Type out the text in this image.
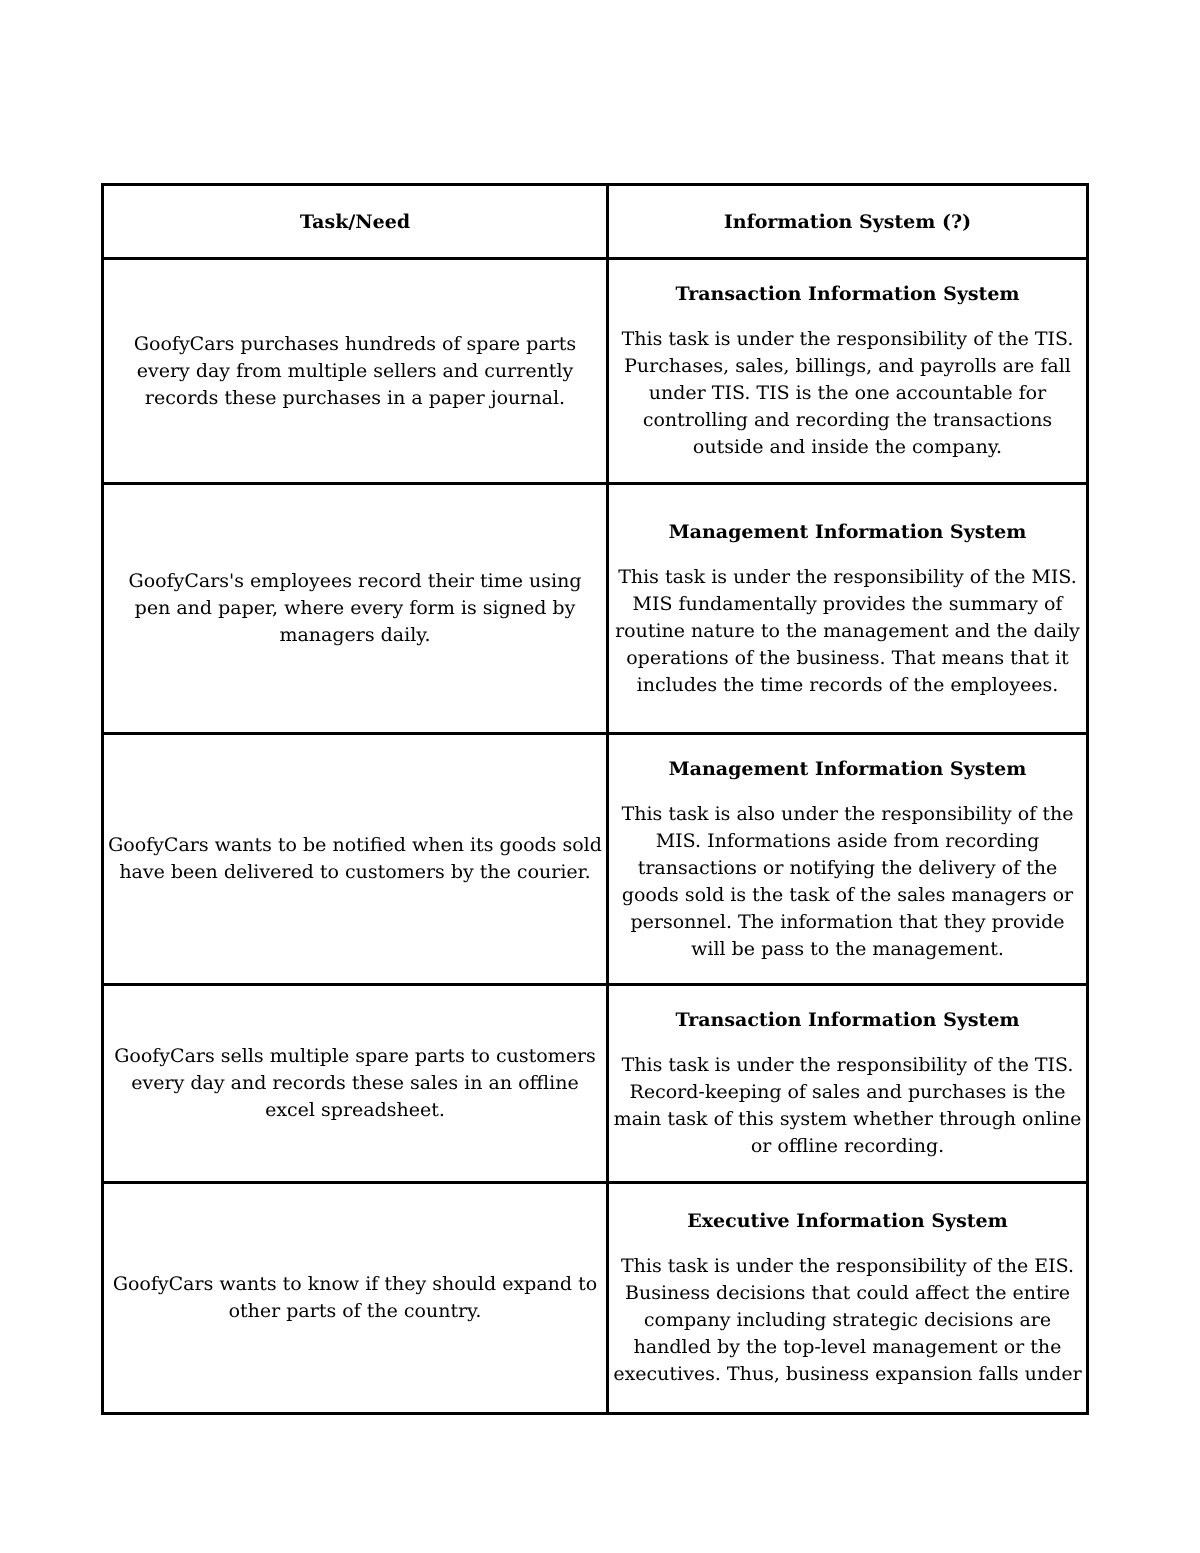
Task/Need	Information System (?)
GoofyCars purchases hundreds of spare parts every day from multiple sellers and currently records these purchases in a paper journal.	Transaction Information System
This task is under the responsibility of the TIS. Purchases, sales, billings, and payrolls are fall under TIS. TIS is the one accountable for controlling and recording the transactions outside and inside the company.

GoofyCars's employees record their time using pen and paper, where every form is signed by managers daily.	Management Information System
This task is under the responsibility of the MIS. MIS fundamentally provides the summary of routine nature to the management and the daily operations of the business. That means that it includes the time records of the employees.

GoofyCars wants to be notified when its goods sold have been delivered to customers by the courier.	Management Information System
This task is also under the responsibility of the MIS. Informations aside from recording transactions or notifying the delivery of the goods sold is the task of the sales managers or personnel. The information that they provide will be pass to the management.

GoofyCars sells multiple spare parts to customers every day and records these sales in an offline excel spreadsheet.	Transaction Information System
This task is under the responsibility of the TIS. Record-keeping of sales and purchases is the main task of this system whether through online or offline recording.

GoofyCars wants to know if they should expand to other parts of the country.	Executive Information System
This task is under the responsibility of the EIS. Business decisions that could affect the entire company including strategic decisions are handled by the top-level management or the executives. Thus, business expansion falls under
